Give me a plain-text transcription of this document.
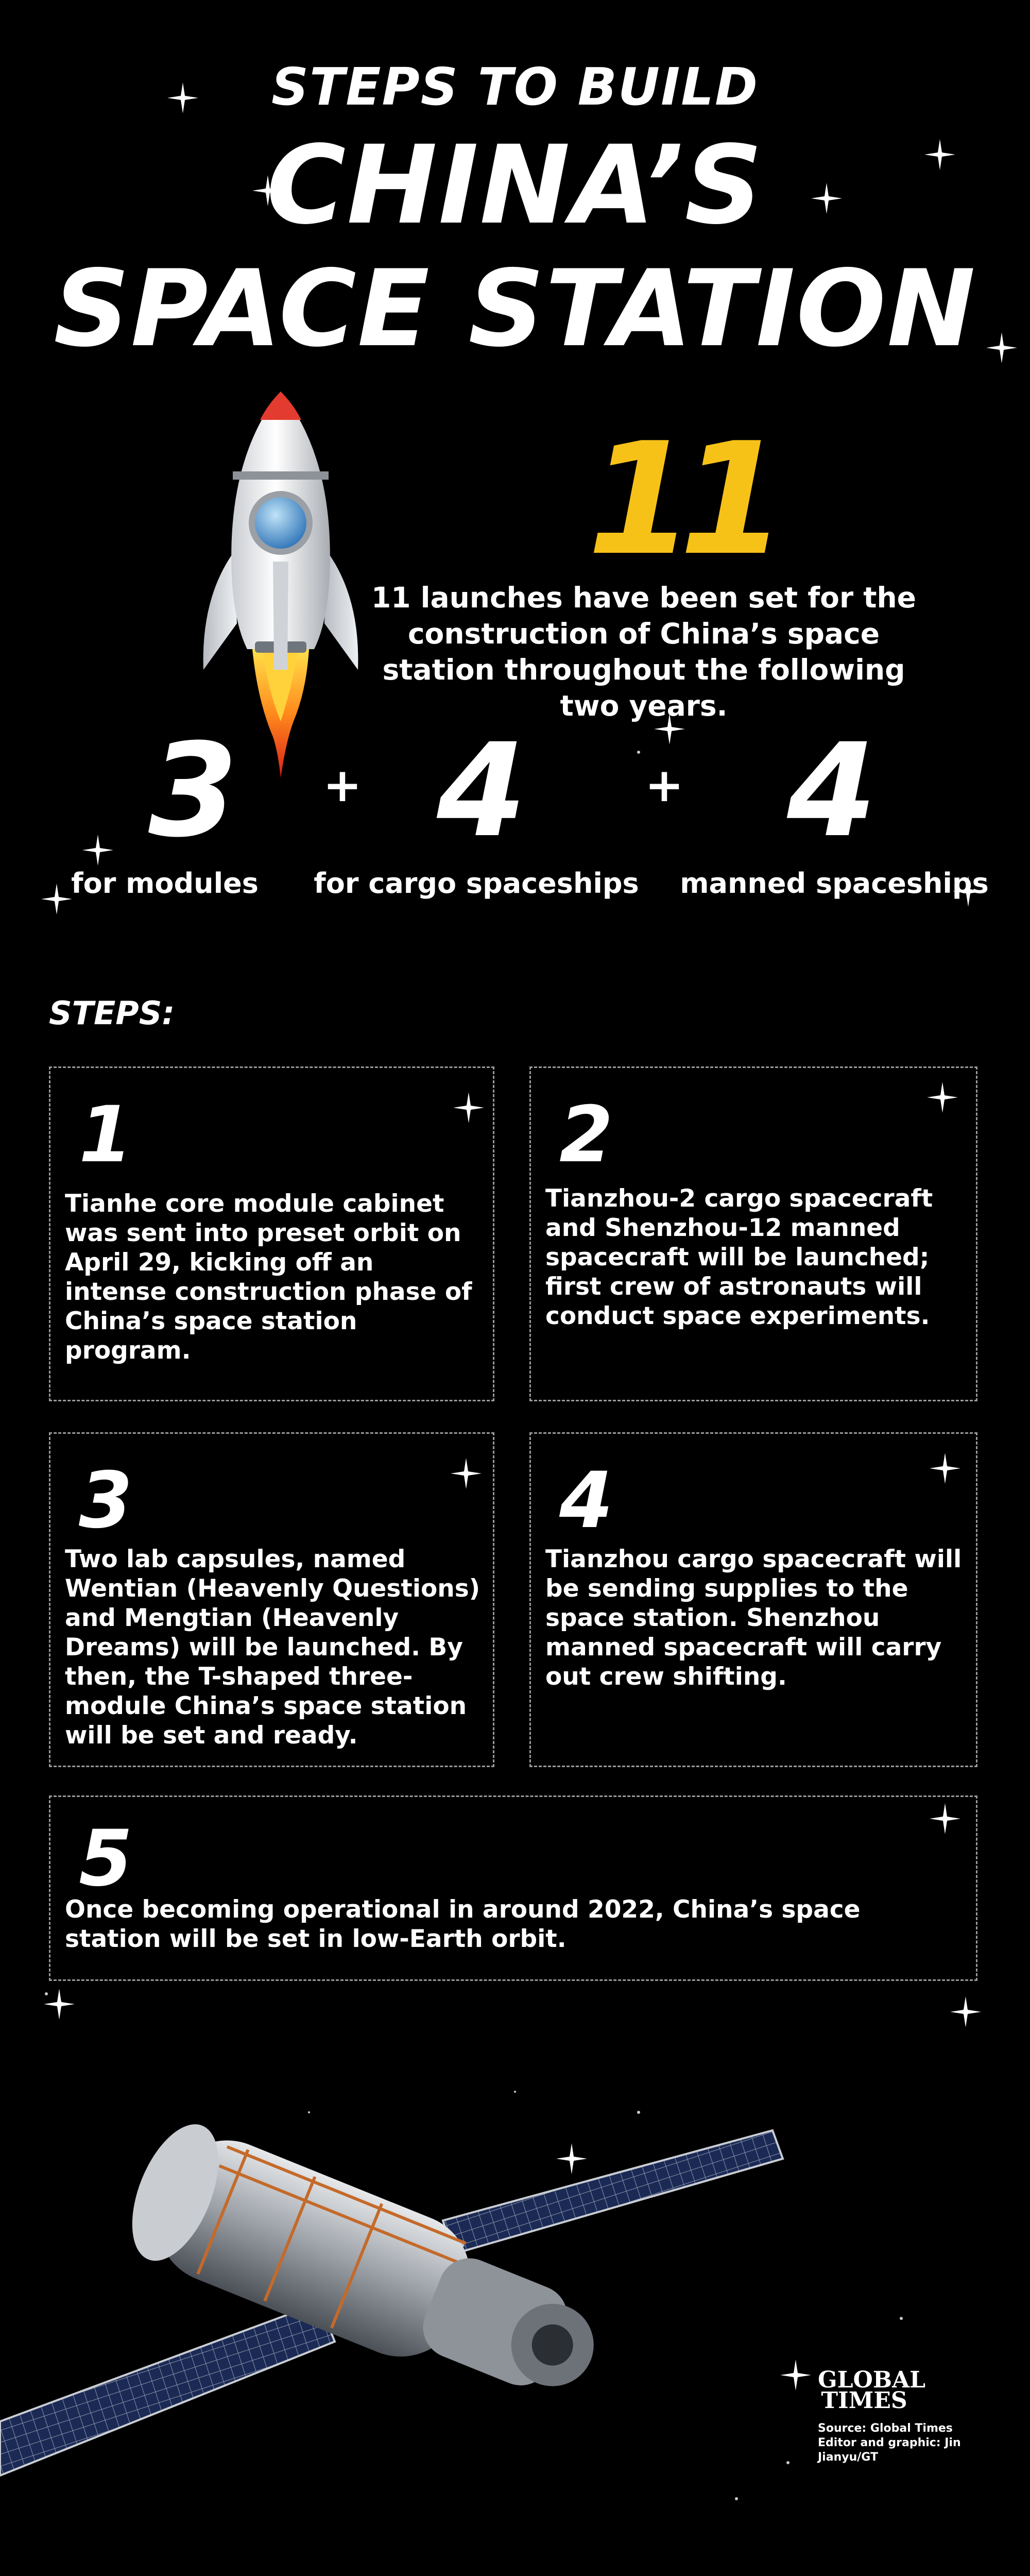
STEPS TO BUILD
CHINA’S
SPACE STATION
11
11 launches have been set for the construction of China’s space station throughout the following two years.
3	+ 4	+ 4
for modules	for cargo spaceships manned spaceships
STEPS:
1
Tianhe core module cabinet was sent into preset orbit on April 29, kicking off an intense construction phase of China’s space station program.
2
Tianzhou-2 cargo spacecraft and Shenzhou-12 manned spacecraft will be launched; first crew of astronauts will conduct space experiments.
3
Two lab capsules, named Wentian (Heavenly Questions) and Mengtian (Heavenly Dreams) will be launched. By then, the T-shaped three-module China’s space station will be set and ready.
4
Tianzhou cargo spacecraft will be sending supplies to the space station. Shenzhou manned spacecraft will carry out crew shifting.
5
Once becoming operational in around 2022, China’s space station will be set in low-Earth orbit.
GLOBAL
TIMES
Source: Global Times
Editor and graphic: Jin Jianyu/GT
